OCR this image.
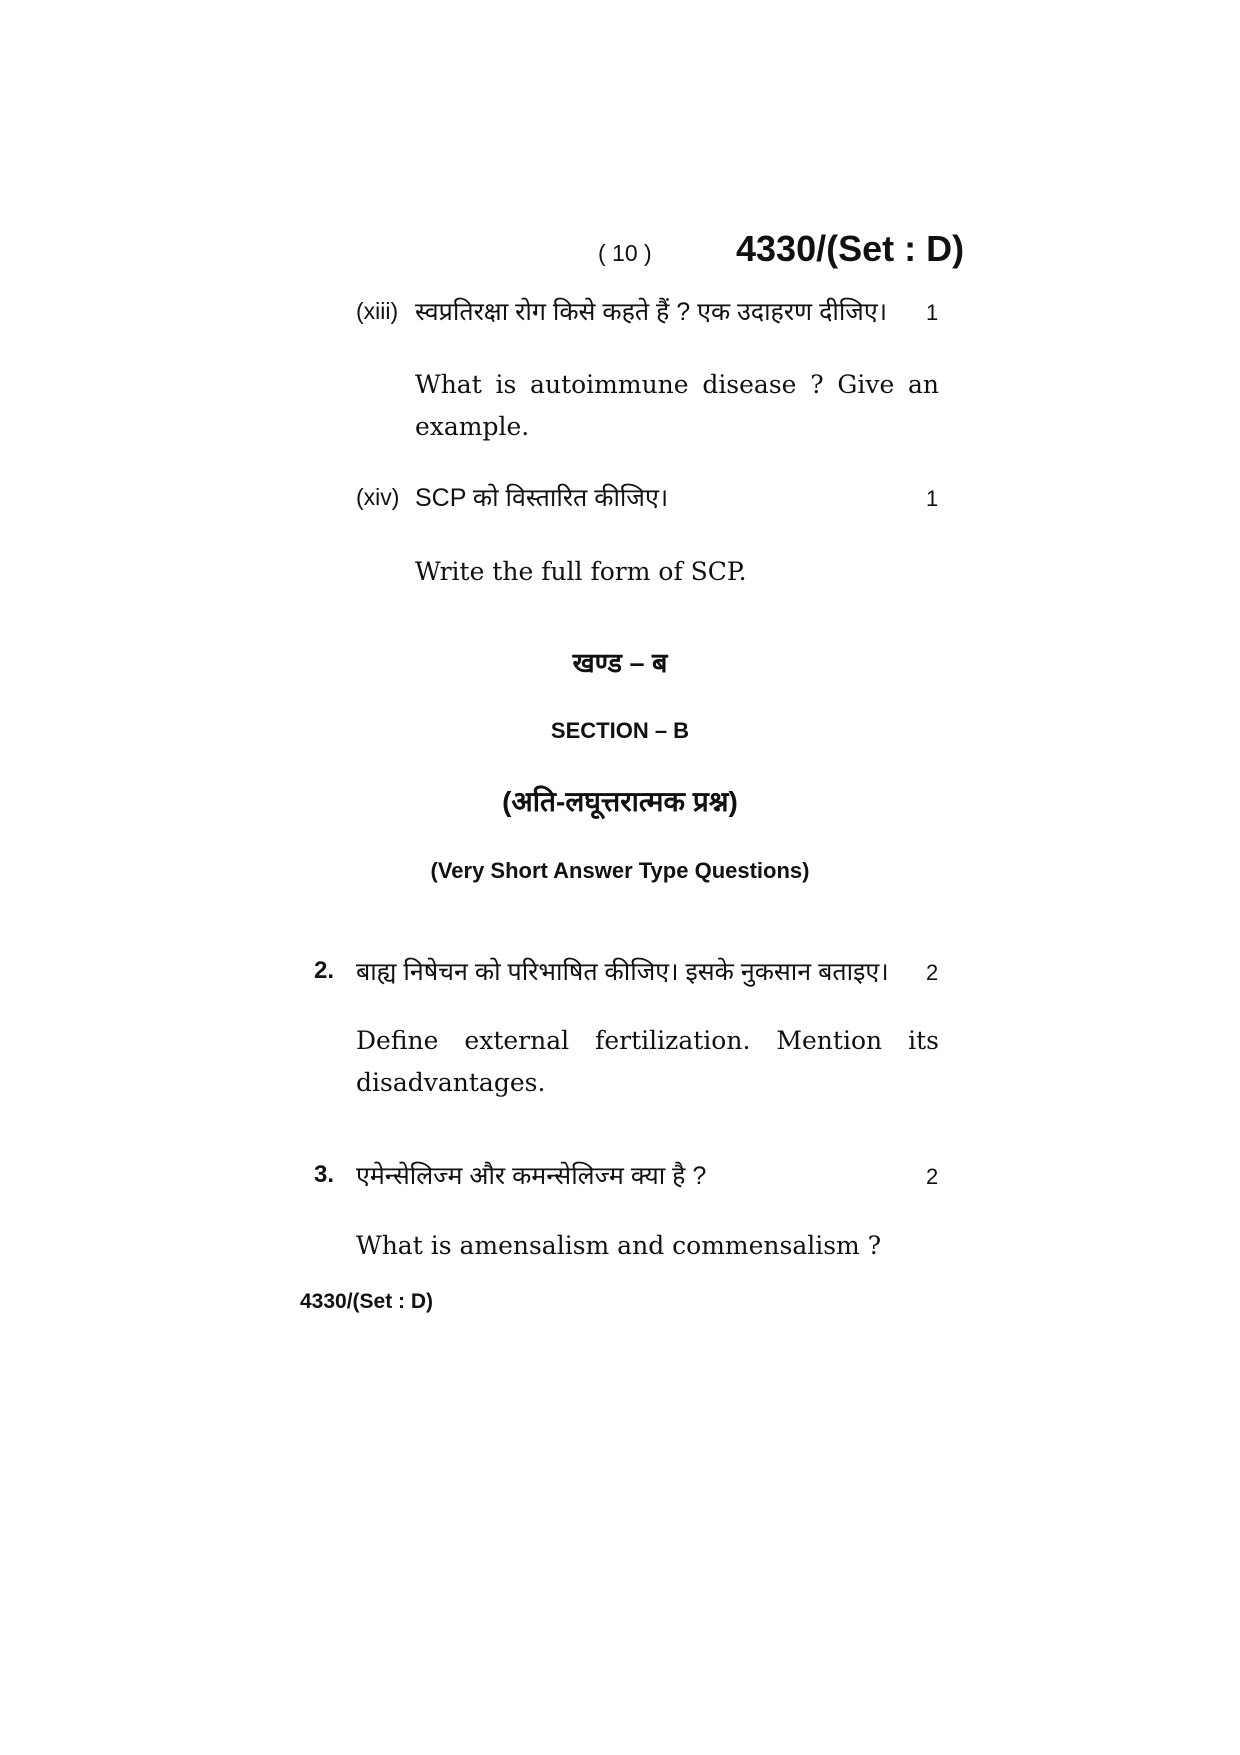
( 10 ) 4330/(Set : D)
(xiii) स्वप्रतिरक्षा रोग किसे कहते हैं ? एक उदाहरण दीजिए। 1
What is autoimmune disease ? Give an example.
(xiv) SCP को विस्तारित कीजिए।	1
Write the full form of SCP.
खण्ड – ब
SECTION – B
(अति-लघूत्तरात्मक प्रश्न)
(Very Short Answer Type Questions)
2. बाह्य निषेचन को परिभाषित कीजिए। इसके नुकसान बताइए। 2
Define external fertilization. Mention its disadvantages.
3. एमेन्सेलिज्म और कमन्सेलिज्म क्या है ?	2
What is amensalism and commensalism ?
4330/(Set : D)
